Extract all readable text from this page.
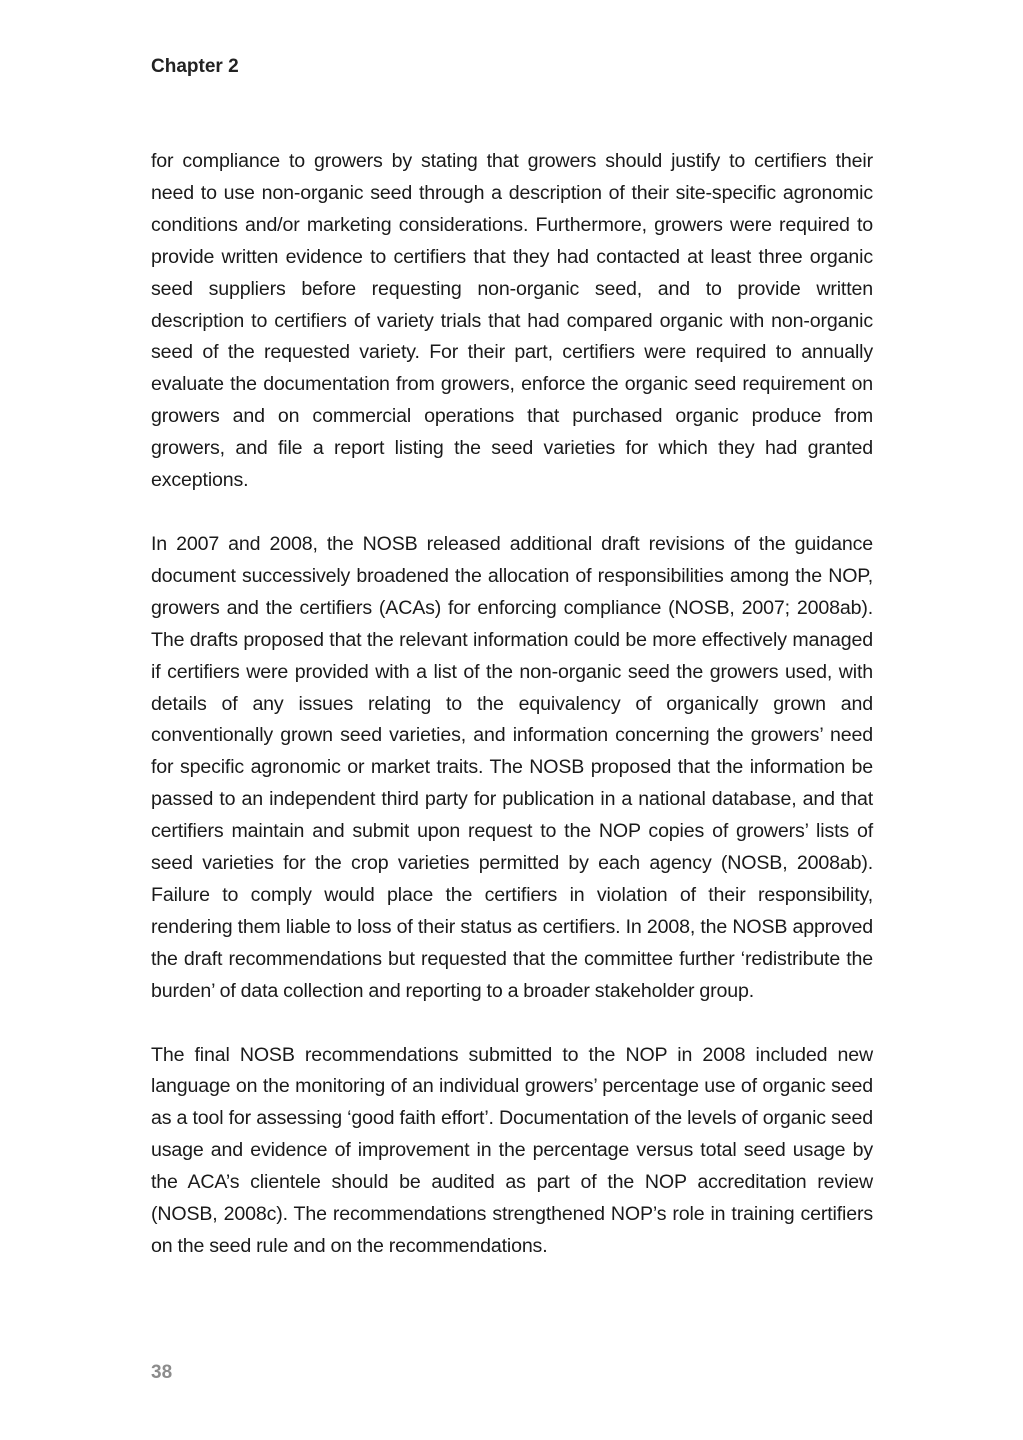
Chapter 2

for compliance to growers by stating that growers should justify to certifiers their need to use non-organic seed through a description of their site-specific agronomic conditions and/or marketing considerations. Furthermore, growers were required to provide written evidence to certifiers that they had contacted at least three organic seed suppliers before requesting non-organic seed, and to provide written description to certifiers of variety trials that had compared organic with non-organic seed of the requested variety. For their part, certifiers were required to annually evaluate the documentation from growers, enforce the organic seed requirement on growers and on commercial operations that purchased organic produce from growers, and file a report listing the seed varieties for which they had granted exceptions.

In 2007 and 2008, the NOSB released additional draft revisions of the guidance document successively broadened the allocation of responsibilities among the NOP, growers and the certifiers (ACAs) for enforcing compliance (NOSB, 2007; 2008ab). The drafts proposed that the relevant information could be more effectively managed if certifiers were provided with a list of the non-organic seed the growers used, with details of any issues relating to the equivalency of organically grown and conventionally grown seed varieties, and information concerning the growers’ need for specific agronomic or market traits. The NOSB proposed that the information be passed to an independent third party for publication in a national database, and that certifiers maintain and submit upon request to the NOP copies of growers’ lists of seed varieties for the crop varieties permitted by each agency (NOSB, 2008ab). Failure to comply would place the certifiers in violation of their responsibility, rendering them liable to loss of their status as certifiers. In 2008, the NOSB approved the draft recommendations but requested that the committee further ‘redistribute the burden’ of data collection and reporting to a broader stakeholder group.

The final NOSB recommendations submitted to the NOP in 2008 included new language on the monitoring of an individual growers’ percentage use of organic seed as a tool for assessing ‘good faith effort’. Documentation of the levels of organic seed usage and evidence of improvement in the percentage versus total seed usage by the ACA’s clientele should be audited as part of the NOP accreditation review (NOSB, 2008c). The recommendations strengthened NOP’s role in training certifiers on the seed rule and on the recommendations.

38
